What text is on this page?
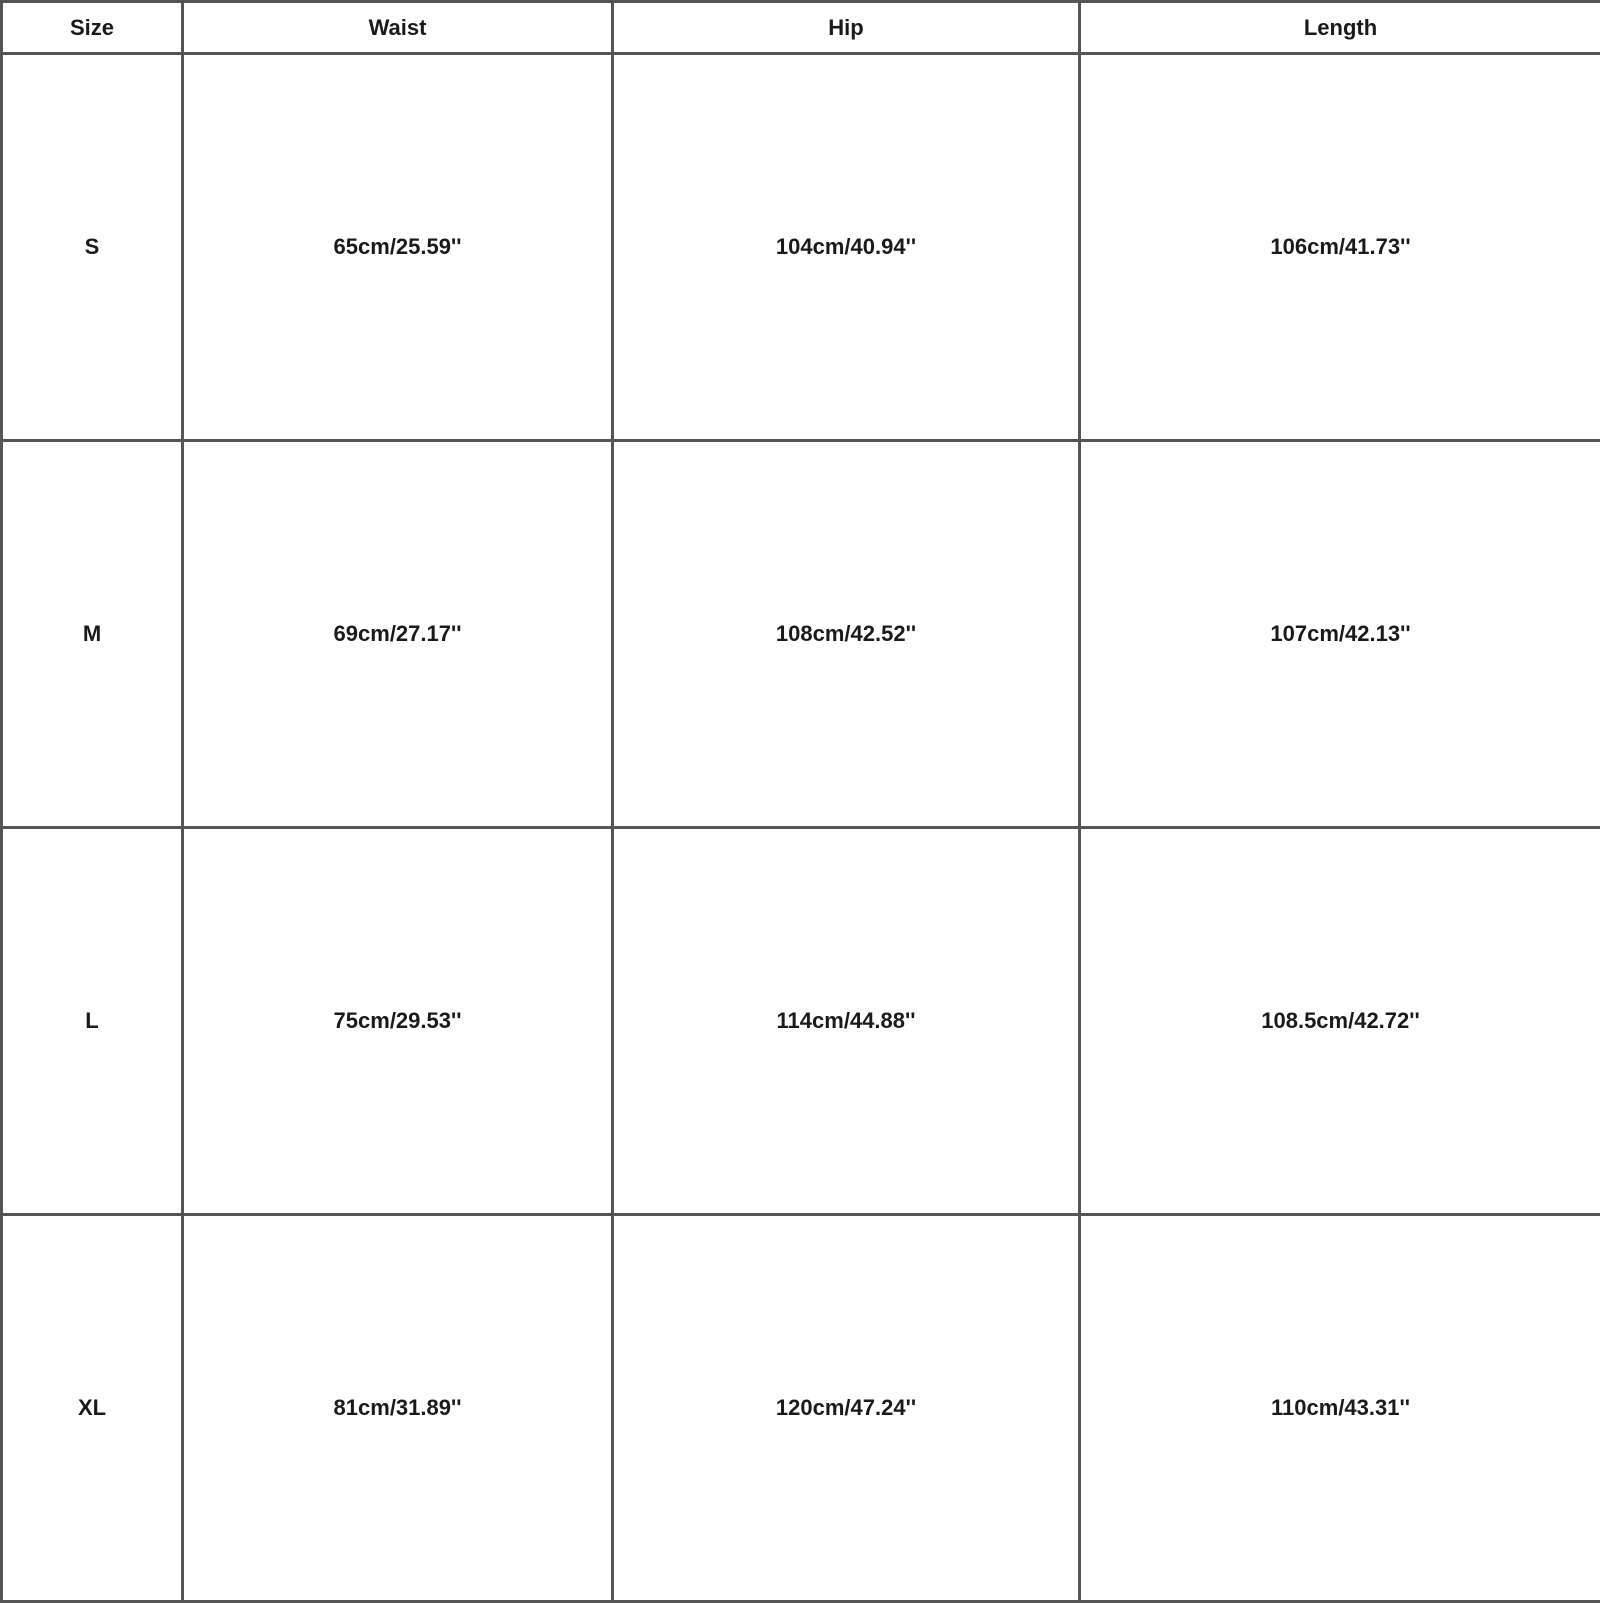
Size	Waist	Hip	Length
S	65cm/25.59''	104cm/40.94''	106cm/41.73''
M	69cm/27.17''	108cm/42.52''	107cm/42.13''
L	75cm/29.53''	114cm/44.88''	108.5cm/42.72''
XL	81cm/31.89''	120cm/47.24''	110cm/43.31''
